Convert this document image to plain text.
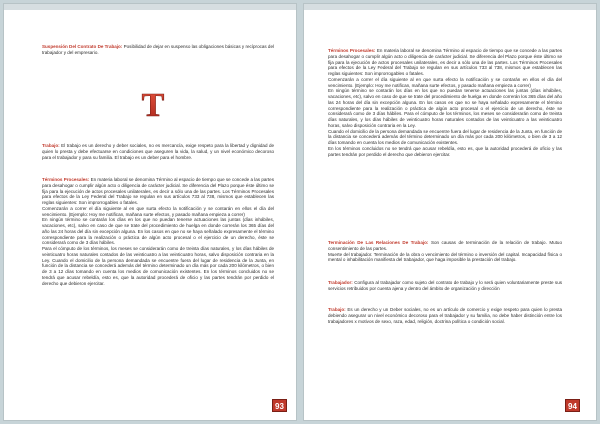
Suspensión Del Contrato De Trabajo: Posibilidad de dejar en suspenso las obligaciones básicas y recíprocas del trabajador y del empresario.

T

Trabajo: El trabajo es un derecho y deber sociales, no es mercancía, exige respeto para la libertad y dignidad de quien lo presta y debe efectuarse en condiciones que aseguren la vida, la salud, y un nivel económico decoroso para el trabajador y para su familia. El trabajo es un deber para el hombre.

Términos Procesales: En materia laboral se denomina Término al espacio de tiempo que se concede a las partes para desahogar o cumplir algún acto o diligencia de carácter judicial. Se diferencia del Plazo porque éste último se fija para la ejecución de actos procesales unilaterales, es decir a sólo una de las partes. Los Términos Procesales para efectos de la Ley Federal del Trabajo se regulan en sus artículos 733 al 738, mismos que establecen las reglas siguientes: Son improrrogables o fatales.

Comenzarán a correr el día siguiente al en que surta efecto la notificación y se contarán en ellos el día del vencimiento. (Ejemplo: Hoy me notifican, mañana surte efectos, y pasado mañana empieza a correr)

En ningún término se contarán los días en los que no puedan tenerse actuaciones las juntas (días inhábiles, vacaciones, etc), salvo en caso de que se trate del procedimiento de huelga en donde correrán los 365 días del año las 24 horas del día sin excepción alguna. En los casos en que no se haya señalado expresamente el término correspondiente para la realización o práctica de algún acto procesal o el ejercicio de un derecho, éste se considerará como de 3 días hábiles.

Para el cómputo de los términos, los meses se considerarán como de treinta días naturales, y los días hábiles de veinticuatro horas naturales contados de las veinticuatro a las veinticuatro horas, salvo disposición contraria en la Ley. Cuando el domicilio de la persona demandada se encuentre fuera del lugar de residencia de la Junta, en función de la distancia se concederá además del término determinado un día más por cada 200 kilómetros, o bien de 3 a 12 días tomando en cuenta los medios de comunicación existentes. En los términos concluidos no se tendrá que acusar rebeldía, esto es, que la autoridad procederá de oficio y las partes tendrán por perdido el derecho que debieron ejercitar.

93

Términos Procesales: En materia laboral se denomina Término al espacio de tiempo que se concede a las partes para desahogar o cumplir algún acto o diligencia de carácter judicial. Se diferencia del Plazo porque éste último se fija para la ejecución de actos procesales unilaterales, es decir a sólo una de las partes. Los Términos Procesales para efectos de la Ley Federal del Trabajo se regulan en sus artículos 733 al 738, mismos que establecen las reglas siguientes: Son improrrogables o fatales.

Comenzarán a correr el día siguiente al en que surta efecto la notificación y se contarán en ellos el día del vencimiento. (Ejemplo: Hoy me notifican, mañana surte efectos, y pasado mañana empieza a correr)

En ningún término se contarán los días en los que no puedan tenerse actuaciones las juntas (días inhábiles, vacaciones, etc), salvo en caso de que se trate del procedimiento de huelga en donde correrán los 365 días del año las 24 horas del día sin excepción alguna. En los casos en que no se haya señalado expresamente el término correspondiente para la realización o práctica de algún acto procesal o el ejercicio de un derecho, éste se considerará como de 3 días hábiles. Para el cómputo de los términos, los meses se considerarán como de treinta días naturales, y los días hábiles de veinticuatro horas naturales contados de las veinticuatro a las veinticuatro horas, salvo disposición contraria en la Ley.

Cuando el domicilio de la persona demandada se encuentre fuera del lugar de residencia de la Junta, en función de la distancia se concederá además del término determinado un día más por cada 200 kilómetros, o bien de 3 a 12 días tomando en cuenta los medios de comunicación existentes.

En los términos concluidos no se tendrá que acusar rebeldía, esto es, que la autoridad procederá de oficio y las partes tendrán por perdido el derecho que debieron ejercitar.

Terminación De Las Relaciones De Trabajo: Son causas de terminación de la relación de trabajo. Mutuo consentimiento de las partes.

Muerte del trabajador. Terminación de la obra o vencimiento del término o inversión del capital. Incapacidad física o mental o inhabilitación manifiesta del trabajador, que haga imposible la prestación del trabajo.

Trabajador: Configura al trabajador como sujeto del contrato de trabajo y lo será quien voluntariamente preste sus servicios retribuidos por cuenta ajena y dentro del ámbito de organización y dirección

Trabajo: Es un derecho y un Deber sociales, no es un artículo de comercio y exige respeto para quien lo presta debiendo asegurar un nivel económico decoroso para el trabajador y su familia, no debe haber distinción entre los trabajadores x motivos de sexo, raza, edad, religión, doctrina política o condición social.

94
